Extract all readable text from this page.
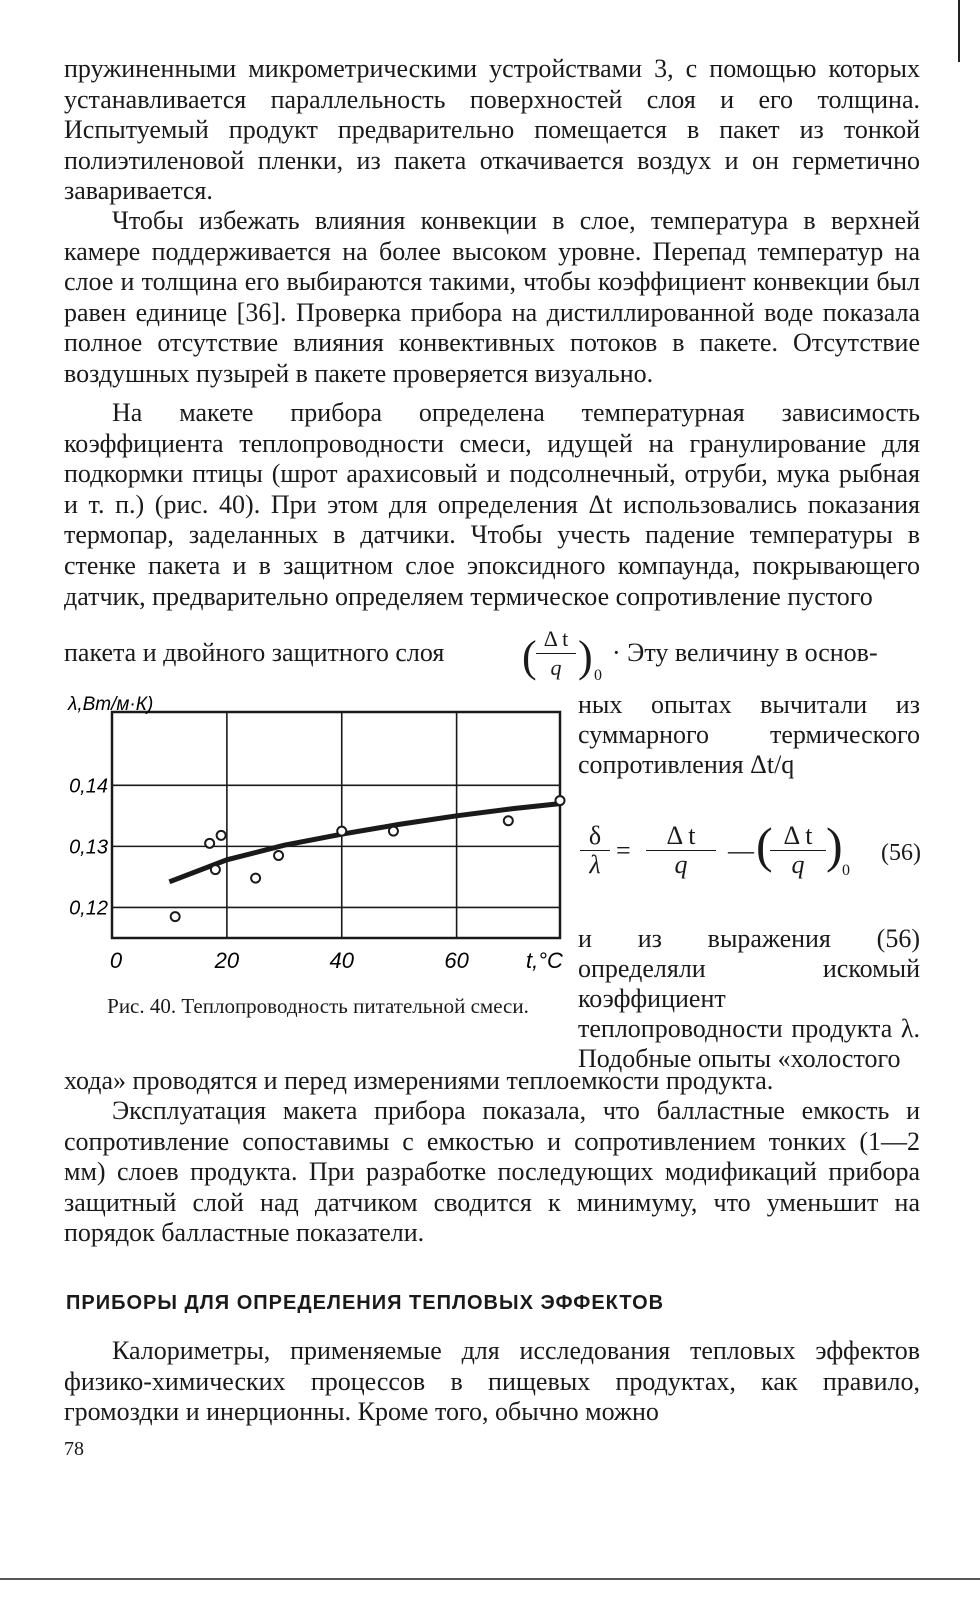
пружиненными микрометрическими устройствами 3, с помощью которых устанавливается параллельность поверхностей слоя и его толщина. Испытуемый продукт предварительно помещается в пакет из тонкой полиэтиленовой пленки, из пакета откачивается воздух и он герметично заваривается.

Чтобы избежать влияния конвекции в слое, температура в верхней камере поддерживается на более высоком уровне. Перепад температур на слое и толщина его выбираются такими, чтобы коэффициент конвекции был равен единице [36]. Проверка прибора на дистиллированной воде показала полное отсутствие влияния конвективных потоков в пакете. Отсутствие воздушных пузырей в пакете проверяется визуально.

На макете прибора определена температурная зависимость коэффициента теплопроводности смеси, идущей на гранулирование для подкормки птицы (шрот арахисовый и подсолнечный, отруби, мука рыбная и т. п.) (рис. 40). При этом для определения Δt использовались показания термопар, заделанных в датчики. Чтобы учесть падение температуры в стенке пакета и в защитном слое эпоксидного компаунда, покрывающего датчик, предварительно определяем термическое сопротивление пустого

пакета и двойного защитного слоя	( $\frac{\text{Δ t}}{q}$ ) 0
· Эту величину в основ-

ных опытах вычитали из суммарного термического сопротивления Δt/q

$\frac{\delta}{\lambda} = \frac{\text{Δ t}}{q}$ — (
$\frac{\text{Δ t}}{q}$ ) 0
(56)

и из выражения (56) определяли искомый коэффициент теплопроводности продукта λ. Подобные опыты «холостого

0	20	40	60
0,12
0,13
0,14
λ,Вт/м·К)
t,°C
Рис. 40. Теплопроводность питательной смеси.

хода» проводятся и перед измерениями теплоемкости продукта.

Эксплуатация макета прибора показала, что балластные емкость и сопротивление сопоставимы с емкостью и сопротивлением тонких (1—2 мм) слоев продукта. При разработке последующих модификаций прибора защитный слой над датчиком сводится к минимуму, что уменьшит на порядок балластные показатели.

ПРИБОРЫ ДЛЯ ОПРЕДЕЛЕНИЯ ТЕПЛОВЫХ ЭФФЕКТОВ

Калориметры, применяемые для исследования тепловых эффектов физико-химических процессов в пищевых продуктах, как правило, громоздки и инерционны. Кроме того, обычно можно

78
